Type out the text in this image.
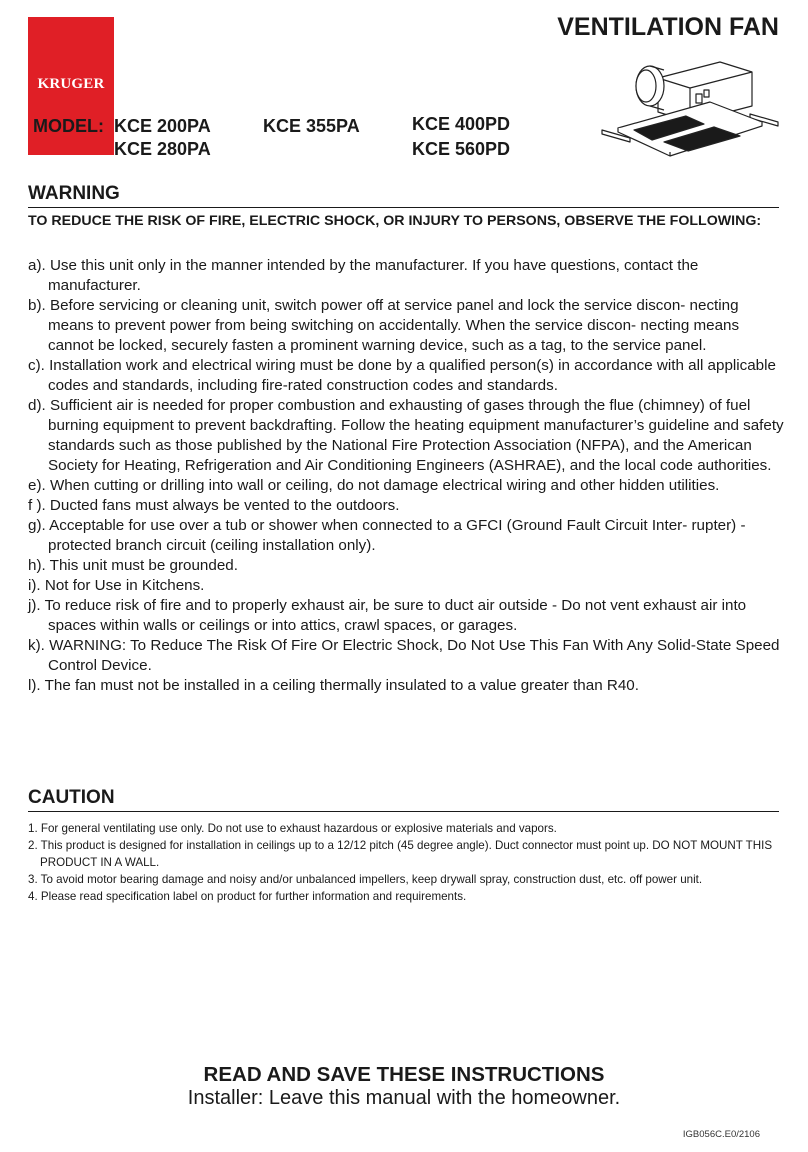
KRUGER
VENTILATION FAN
MODEL: KCE 200PA
KCE 280PA
KCE 355PA	KCE 400PD
KCE 560PD
WARNING
TO REDUCE THE RISK OF FIRE, ELECTRIC SHOCK, OR INJURY TO PERSONS, OBSERVE THE FOLLOWING:
a). Use this unit only in the manner intended by the manufacturer. If you have questions, contact the manufacturer.
b). Before servicing or cleaning unit, switch power off at service panel and lock the service discon- necting means to prevent power from being switching on accidentally. When the service discon- necting means cannot be locked, securely fasten a prominent warning device, such as a tag, to the service panel.
c). Installation work and electrical wiring must be done by a qualified person(s) in accordance with all applicable codes and standards, including fire-rated construction codes and standards.
d). Sufficient air is needed for proper combustion and exhausting of gases through the flue (chimney) of fuel burning equipment to prevent backdrafting. Follow the heating equipment manufacturer’s guideline and safety standards such as those published by the National Fire Protection Association (NFPA), and the American Society for Heating, Refrigeration and Air Conditioning Engineers (ASHRAE), and the local code authorities.
e). When cutting or drilling into wall or ceiling, do not damage electrical wiring and other hidden utilities.
f ). Ducted fans must always be vented to the outdoors.
g). Acceptable for use over a tub or shower when connected to a GFCI (Ground Fault Circuit Inter- rupter) - protected branch circuit (ceiling installation only).
h). This unit must be grounded.
i). Not for Use in Kitchens.
j). To reduce risk of fire and to properly exhaust air, be sure to duct air outside - Do not vent exhaust air into spaces within walls or ceilings or into attics, crawl spaces, or garages.
k). WARNING: To Reduce The Risk Of Fire Or Electric Shock, Do Not Use This Fan With Any Solid-State Speed Control Device.
l). The fan must not be installed in a ceiling thermally insulated to a value greater than R40.
CAUTION
1. For general ventilating use only. Do not use to exhaust hazardous or explosive materials and vapors.
2. This product is designed for installation in ceilings up to a 12/12 pitch (45 degree angle). Duct connector must point up. DO NOT MOUNT THIS PRODUCT IN A WALL.
3. To avoid motor bearing damage and noisy and/or unbalanced impellers, keep drywall spray, construction dust, etc. off power unit.
4. Please read specification label on product for further information and requirements.
READ AND SAVE THESE INSTRUCTIONS
Installer: Leave this manual with the homeowner.
IGB056C.E0/2106
